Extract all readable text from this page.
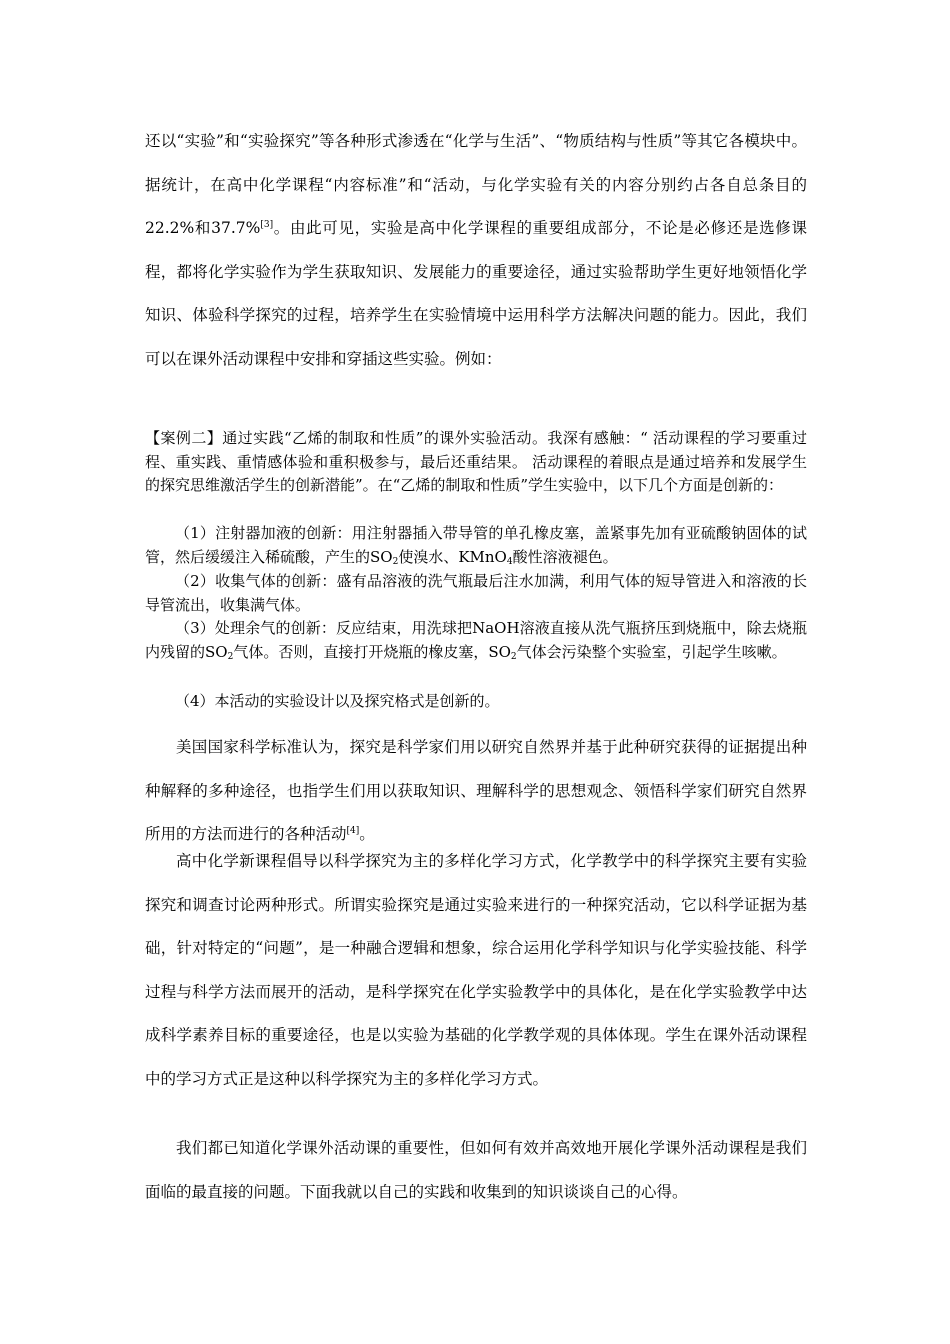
还以“实验”和“实验探究”等各种形式渗透在“化学与生活”、“物质结构与性质”等其它各模块中。据统计，在高中化学课程“内容标准”和“活动，与化学实验有关的内容分别约占各自总条目的22.2%和37.7%[3]。由此可见，实验是高中化学课程的重要组成部分，不论是必修还是选修课程，都将化学实验作为学生获取知识、发展能力的重要途径，通过实验帮助学生更好地领悟化学知识、体验科学探究的过程，培养学生在实验情境中运用科学方法解决问题的能力。因此，我们可以在课外活动课程中安排和穿插这些实验。例如：

【案例二】通过实践“乙烯的制取和性质”的课外实验活动。我深有感触：“ 活动课程的学习要重过程、重实践、重情感体验和重积极参与，最后还重结果。 活动课程的着眼点是通过培养和发展学生的探究思维激活学生的创新潜能”。在“乙烯的制取和性质”学生实验中，以下几个方面是创新的：

（1）注射器加液的创新：用注射器插入带导管的单孔橡皮塞，盖紧事先加有亚硫酸钠固体的试管，然后缓缓注入稀硫酸，产生的$SO_2$使溴水、KMnO$_4$酸性溶液褪色。

（2）收集气体的创新：盛有品溶液的洗气瓶最后注水加满，利用气体的短导管进入和溶液的长导管流出，收集满气体。

（3）处理余气的创新：反应结束，用洗球把NaOH溶液直接从洗气瓶挤压到烧瓶中，除去烧瓶内残留的$SO_2$气体。否则，直接打开烧瓶的橡皮塞，$SO_2$气体会污染整个实验室，引起学生咳嗽。

（4）本活动的实验设计以及探究格式是创新的。

美国国家科学标准认为，探究是科学家们用以研究自然界并基于此种研究获得的证据提出种种解释的多种途径，也指学生们用以获取知识、理解科学的思想观念、领悟科学家们研究自然界所用的方法而进行的各种活动[4]。

高中化学新课程倡导以科学探究为主的多样化学习方式，化学教学中的科学探究主要有实验探究和调查讨论两种形式。所谓实验探究是通过实验来进行的一种探究活动，它以科学证据为基础，针对特定的“问题”，是一种融合逻辑和想象，综合运用化学科学知识与化学实验技能、科学过程与科学方法而展开的活动，是科学探究在化学实验教学中的具体化，是在化学实验教学中达成科学素养目标的重要途径，也是以实验为基础的化学教学观的具体体现。学生在课外活动课程中的学习方式正是这种以科学探究为主的多样化学习方式。

我们都已知道化学课外活动课的重要性，但如何有效并高效地开展化学课外活动课程是我们面临的最直接的问题。下面我就以自己的实践和收集到的知识谈谈自己的心得。
